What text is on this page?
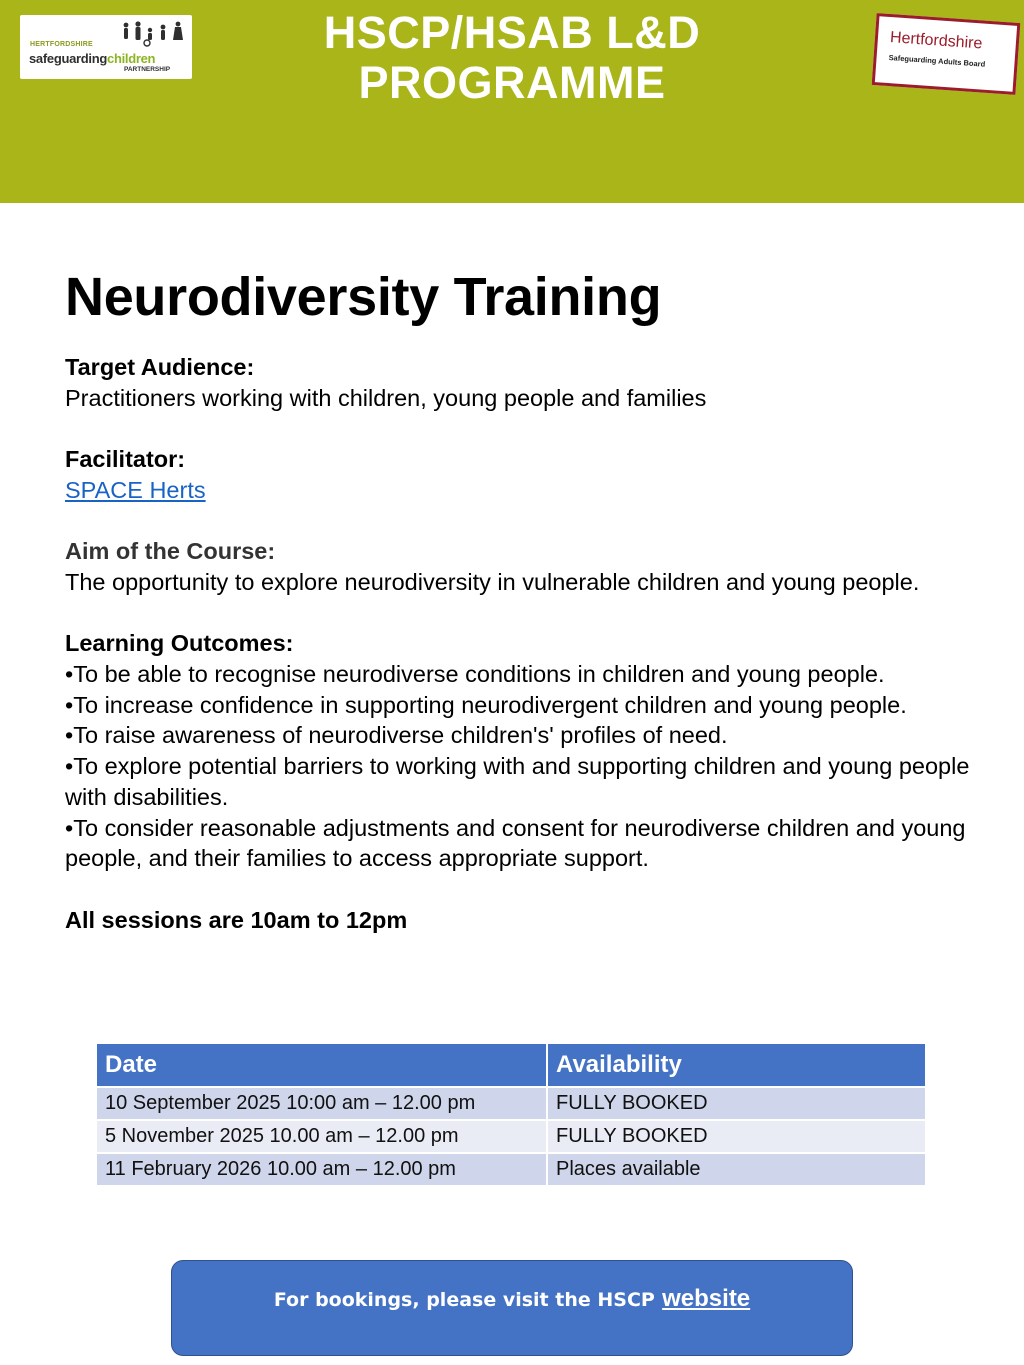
HERTFORDSHIRE
safeguardingchildren
PARTNERSHIP
HSCP/HSAB L&D
PROGRAMME
Hertfordshire
Safeguarding Adults Board
Neurodiversity Training

Target Audience:

Practitioners working with children, young people and families

Facilitator:

SPACE Herts

Aim of the Course:

The opportunity to explore neurodiversity in vulnerable children and young people.

Learning Outcomes:

•To be able to recognise neurodiverse conditions in children and young people.

•To increase confidence in supporting neurodivergent children and young people.

•To raise awareness of neurodiverse children's' profiles of need.

•To explore potential barriers to working with and supporting children and young people with disabilities.

•To consider reasonable adjustments and consent for neurodiverse children and young people, and their families to access appropriate support.

All sessions are 10am to 12pm

Date	Availability
10 September 2025 10:00 am – 12.00 pm	FULLY BOOKED
5 November 2025 10.00 am – 12.00 pm	FULLY BOOKED
11 February 2026 10.00 am – 12.00 pm	Places available
For bookings, please visit the HSCP website
